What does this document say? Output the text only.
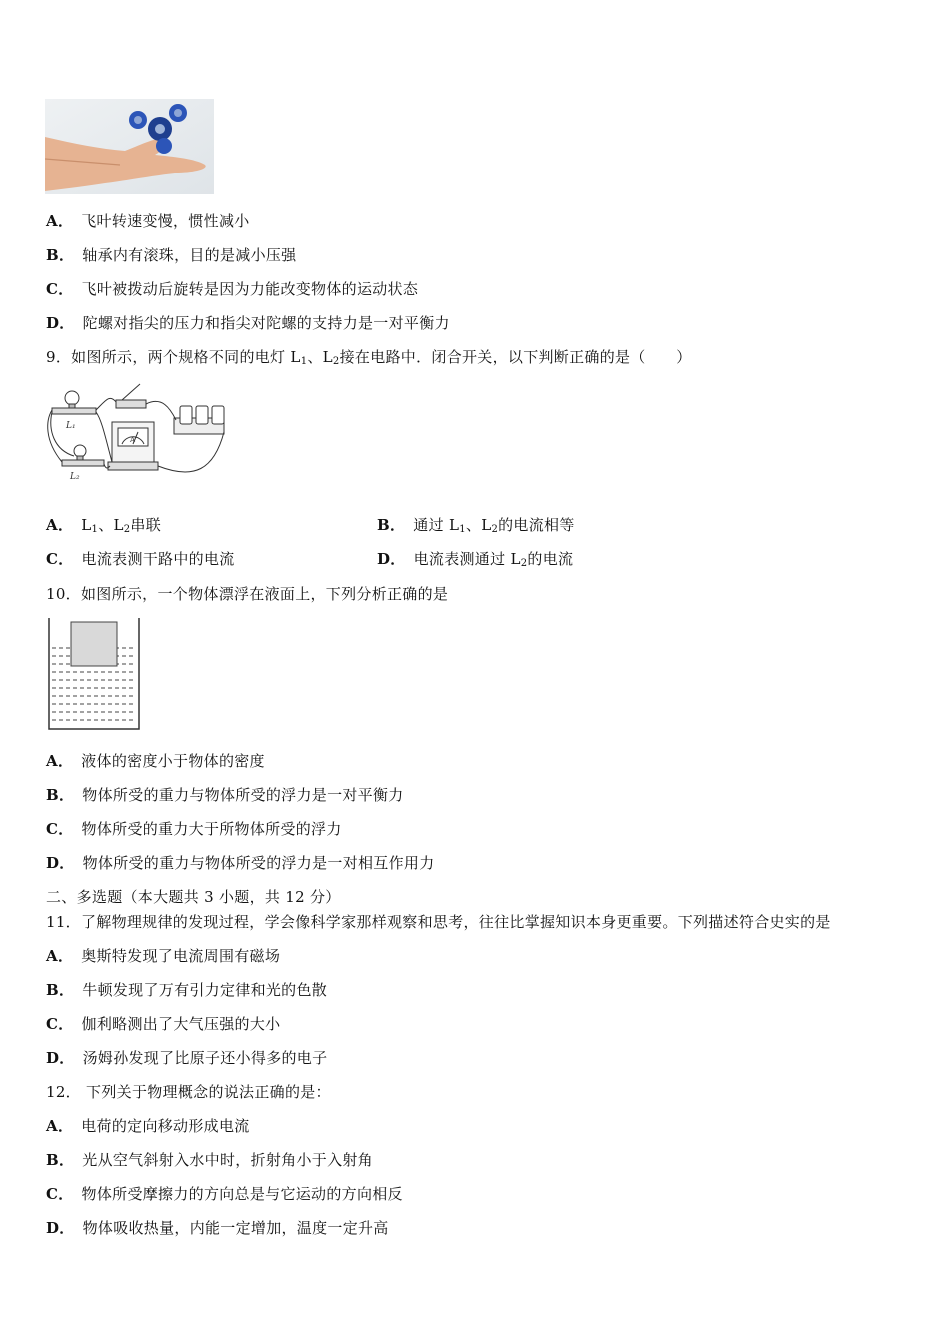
A． 飞叶转速变慢，惯性减小
B． 轴承内有滚珠，目的是减小压强
C． 飞叶被拨动后旋转是因为力能改变物体的运动状态
D． 陀螺对指尖的压力和指尖对陀螺的支持力是一对平衡力
9．如图所示，两个规格不同的电灯 $L_1$、$L_2$接在电路中．闭合开关，以下判断正确的是（　　）
L₁
L₂
A
A． $L_1$、$L_2$串联	B． 通过 $L_1$、$L_2$的电流相等
C． 电流表测干路中的电流	D． 电流表测通过 $L_2$的电流
10．如图所示，一个物体漂浮在液面上，下列分析正确的是
A． 液体的密度小于物体的密度
B． 物体所受的重力与物体所受的浮力是一对平衡力
C． 物体所受的重力大于所物体所受的浮力
D． 物体所受的重力与物体所受的浮力是一对相互作用力
二、多选题（本大题共 3 小题，共 12 分）
11．了解物理规律的发现过程，学会像科学家那样观察和思考，往往比掌握知识本身更重要。下列描述符合史实的是
A． 奥斯特发现了电流周围有磁场
B． 牛顿发现了万有引力定律和光的色散
C． 伽利略测出了大气压强的大小
D． 汤姆孙发现了比原子还小得多的电子
12． 下列关于物理概念的说法正确的是：
A． 电荷的定向移动形成电流
B． 光从空气斜射入水中时，折射角小于入射角
C． 物体所受摩擦力的方向总是与它运动的方向相反
D． 物体吸收热量，内能一定增加，温度一定升高
